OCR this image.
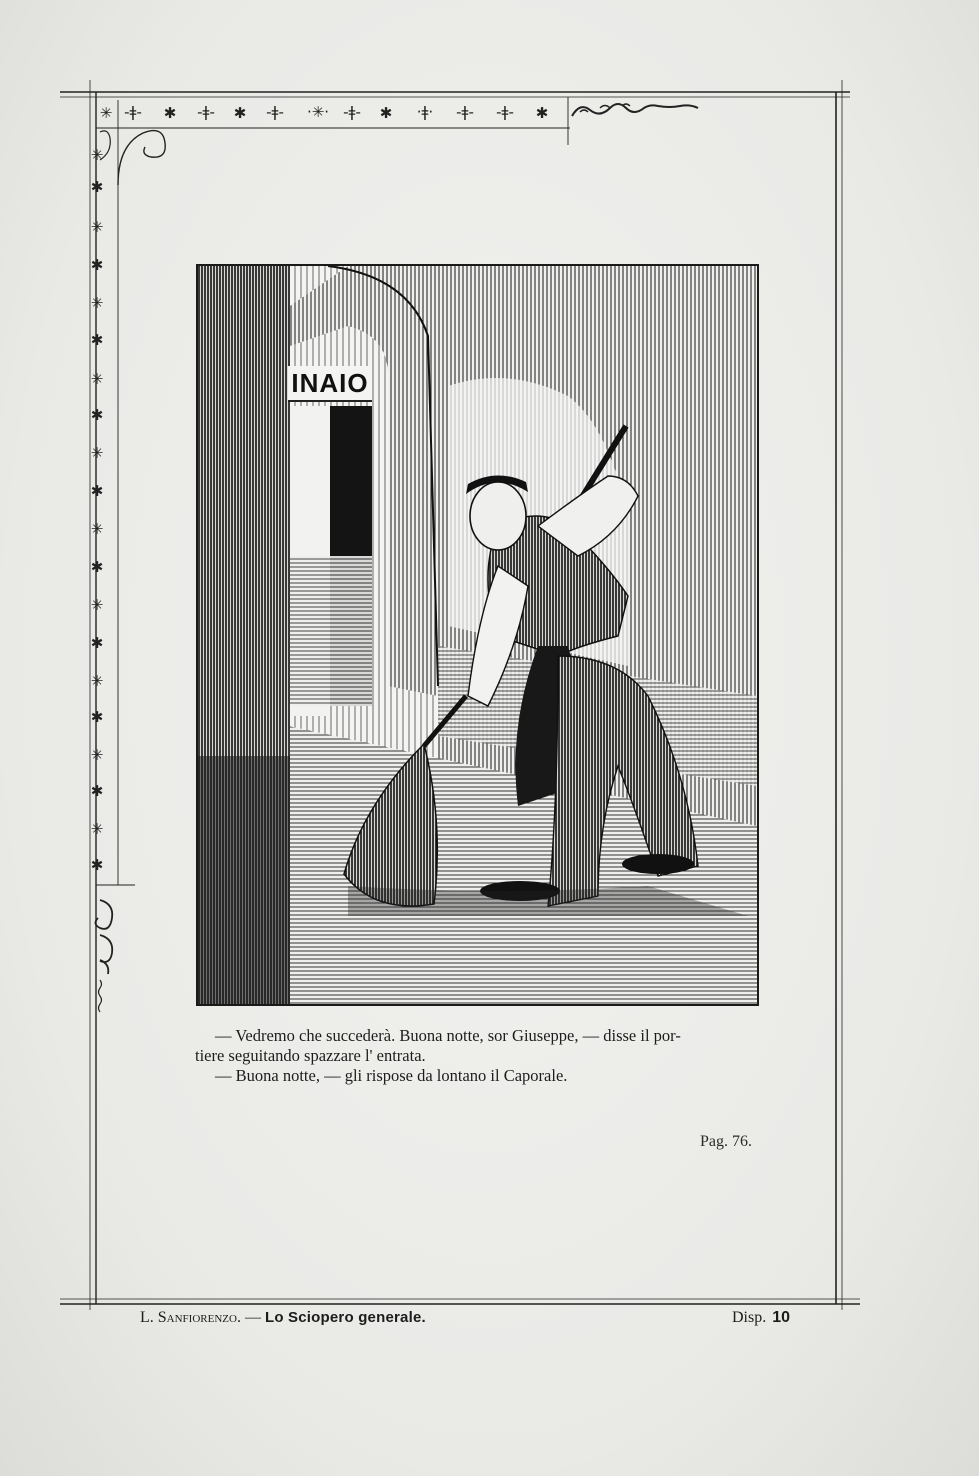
✳ -ǂ- ✱ -ǂ- ✱ -ǂ- ·✳· -ǂ- ✱ ·ǂ· -ǂ- -ǂ- ✱
✳
✱
✳
✱
✳
✱
✳
✱
✳
✱
✳
✱
✳
✱
✳
✱
✳
✱
✳
✱
INAIO

— Vedremo che succederà. Buona notte, sor Giuseppe, — disse il por-

tiere seguitando spazzare l' entrata.

— Buona notte, — gli rispose da lontano il Caporale.

Pag. 76.
L. Sanfiorenzo. — Lo Sciopero generale.	Disp. 10
